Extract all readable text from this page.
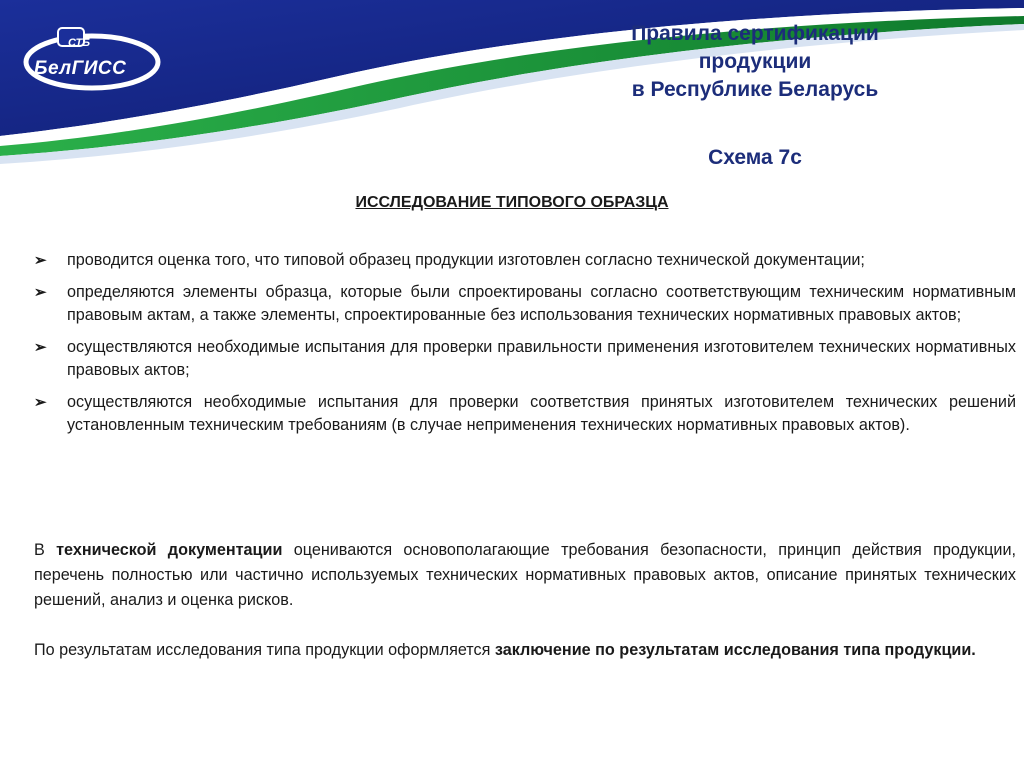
СТБ
БелГИСС
Правила сертификации
продукции
в Республике Беларусь
Схема 7с
ИССЛЕДОВАНИЕ ТИПОВОГО ОБРАЗЦА
➢ проводится оценка того, что типовой образец продукции изготовлен согласно технической документации;
➢ определяются элементы образца, которые были спроектированы согласно соответствующим техническим нормативным правовым актам, а также элементы, спроектированные без использования технических нормативных правовых актов;
➢ осуществляются необходимые испытания для проверки правильности применения изготовителем технических нормативных правовых актов;
➢ осуществляются необходимые испытания для проверки соответствия принятых изготовителем технических решений установленным техническим требованиям (в случае неприменения технических нормативных правовых актов).

В технической документации оцениваются основополагающие требования безопасности, принцип действия продукции, перечень полностью или частично используемых технических нормативных правовых актов, описание принятых технических решений, анализ и оценка рисков.

По результатам исследования типа продукции оформляется заключение по результатам исследования типа продукции.
